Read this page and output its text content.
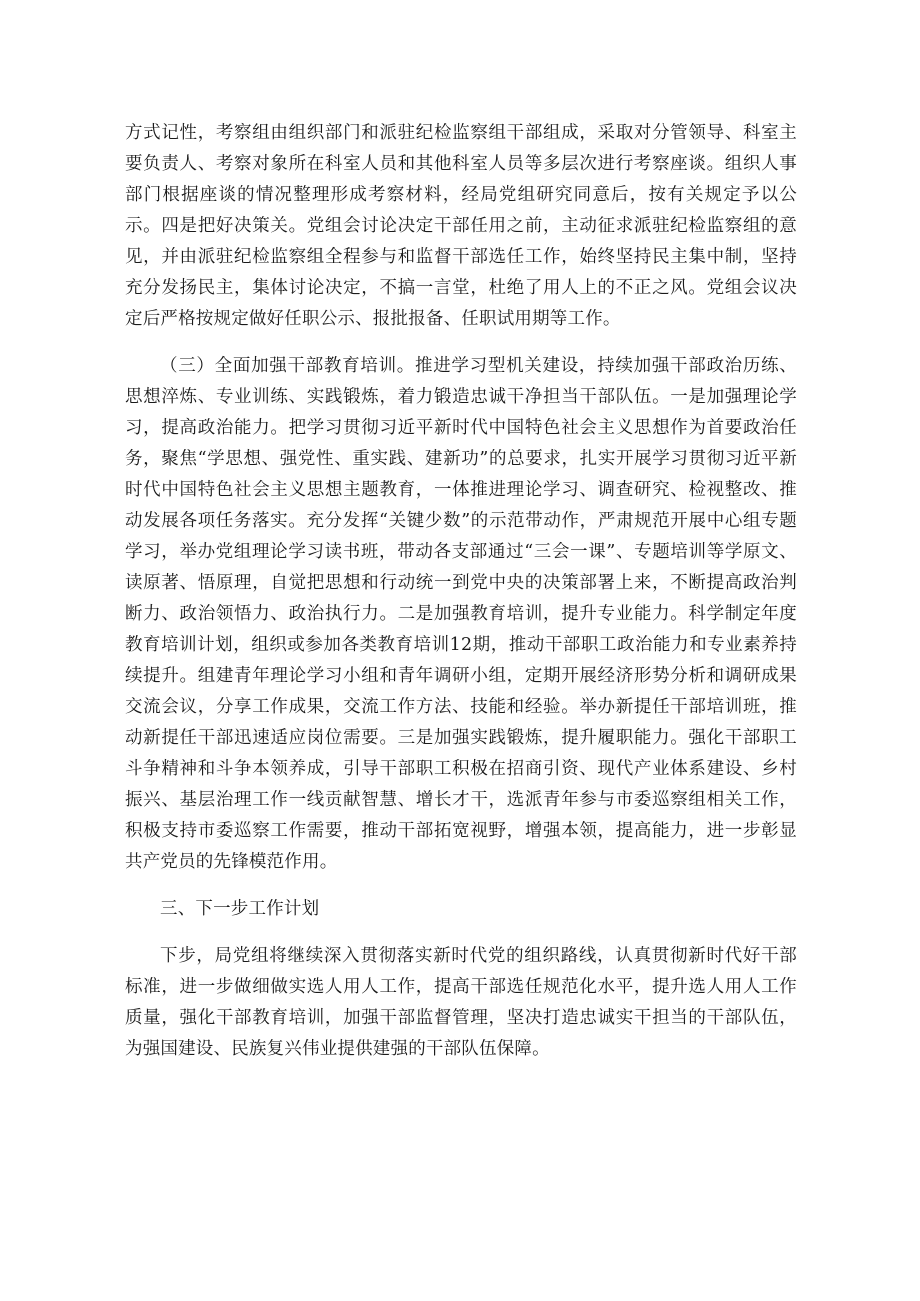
方式记性，考察组由组织部门和派驻纪检监察组干部组成，采取对分管领导、科室主要负责人、考察对象所在科室人员和其他科室人员等多层次进行考察座谈。组织人事部门根据座谈的情况整理形成考察材料，经局党组研究同意后，按有关规定予以公示。四是把好决策关。党组会讨论决定干部任用之前，主动征求派驻纪检监察组的意见，并由派驻纪检监察组全程参与和监督干部选任工作，始终坚持民主集中制，坚持充分发扬民主，集体讨论决定，不搞一言堂，杜绝了用人上的不正之风。党组会议决定后严格按规定做好任职公示、报批报备、任职试用期等工作。

（三）全面加强干部教育培训。推进学习型机关建设，持续加强干部政治历练、思想淬炼、专业训练、实践锻炼，着力锻造忠诚干净担当干部队伍。一是加强理论学习，提高政治能力。把学习贯彻习近平新时代中国特色社会主义思想作为首要政治任务，聚焦“学思想、强党性、重实践、建新功”的总要求，扎实开展学习贯彻习近平新时代中国特色社会主义思想主题教育，一体推进理论学习、调查研究、检视整改、推动发展各项任务落实。充分发挥“关键少数”的示范带动作，严肃规范开展中心组专题学习，举办党组理论学习读书班，带动各支部通过“三会一课”、专题培训等学原文、读原著、悟原理，自觉把思想和行动统一到党中央的决策部署上来，不断提高政治判断力、政治领悟力、政治执行力。二是加强教育培训，提升专业能力。科学制定年度教育培训计划，组织或参加各类教育培训12期，推动干部职工政治能力和专业素养持续提升。组建青年理论学习小组和青年调研小组，定期开展经济形势分析和调研成果交流会议，分享工作成果，交流工作方法、技能和经验。举办新提任干部培训班，推动新提任干部迅速适应岗位需要。三是加强实践锻炼，提升履职能力。强化干部职工斗争精神和斗争本领养成，引导干部职工积极在招商引资、现代产业体系建设、乡村振兴、基层治理工作一线贡献智慧、增长才干，选派青年参与市委巡察组相关工作，积极支持市委巡察工作需要，推动干部拓宽视野，增强本领，提高能力，进一步彰显共产党员的先锋模范作用。

三、下一步工作计划

下步，局党组将继续深入贯彻落实新时代党的组织路线，认真贯彻新时代好干部标准，进一步做细做实选人用人工作，提高干部选任规范化水平，提升选人用人工作质量，强化干部教育培训，加强干部监督管理，坚决打造忠诚实干担当的干部队伍，为强国建设、民族复兴伟业提供建强的干部队伍保障。
